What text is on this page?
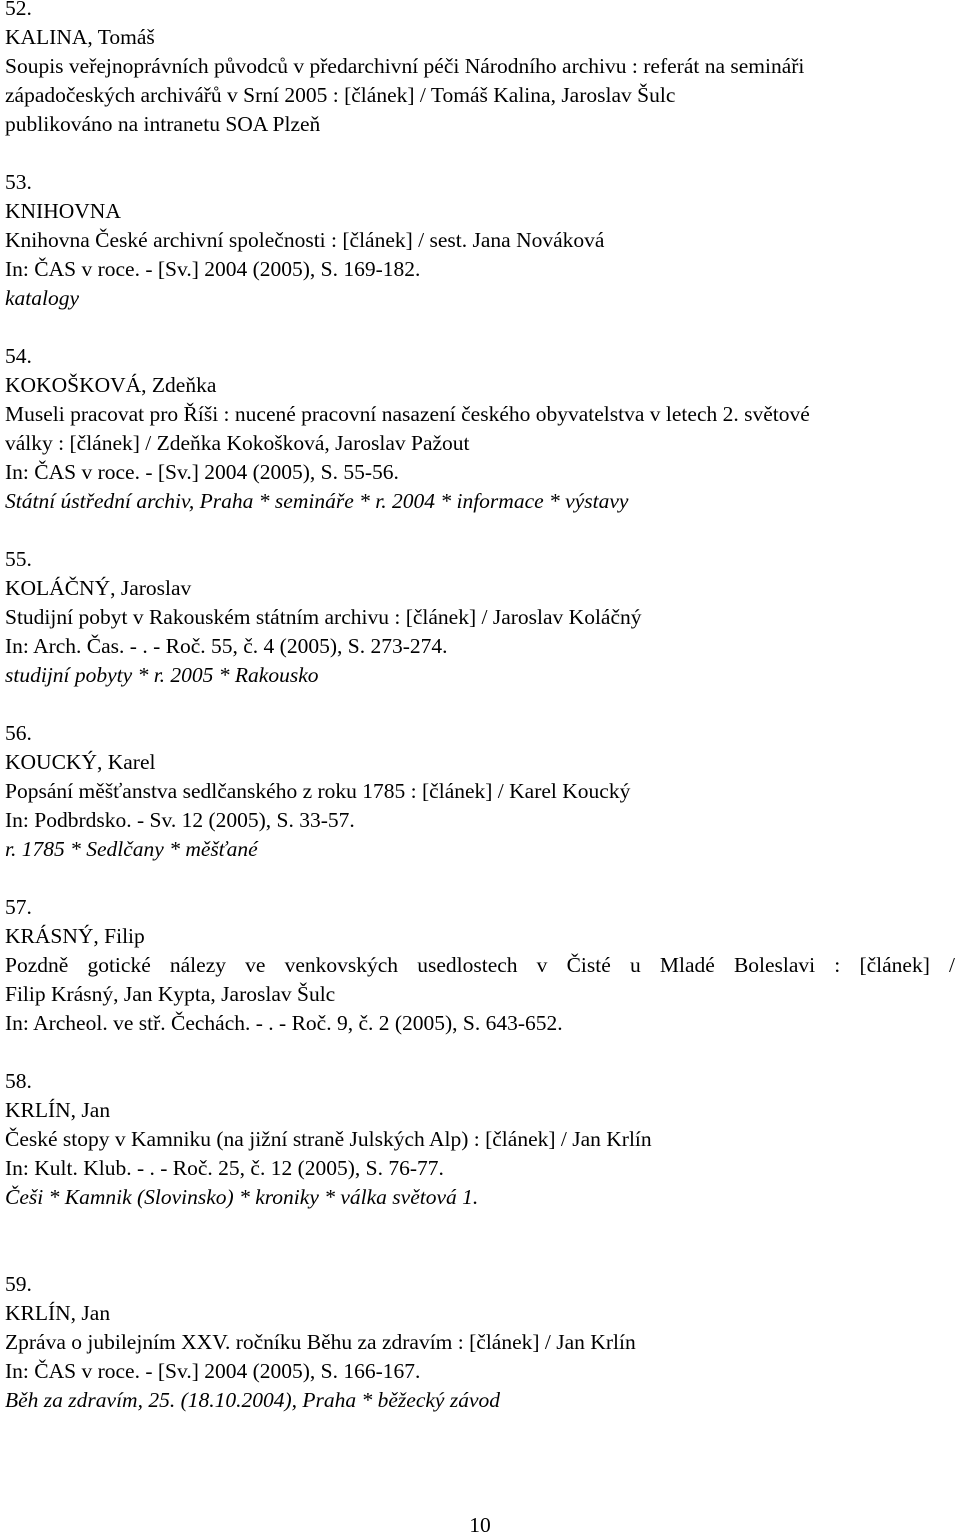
52.
KALINA, Tomáš
Soupis veřejnoprávních původců v předarchivní péči Národního archivu : referát na semináři
západočeských archivářů v Srní 2005 : [článek] / Tomáš Kalina, Jaroslav Šulc
publikováno na intranetu SOA Plzeň
53.
KNIHOVNA
Knihovna České archivní společnosti : [článek] / sest. Jana Nováková
In: ČAS v roce. - [Sv.] 2004 (2005), S. 169-182.
katalogy
54.
KOKOŠKOVÁ, Zdeňka
Museli pracovat pro Říši : nucené pracovní nasazení českého obyvatelstva v letech 2. světové
války : [článek] / Zdeňka Kokošková, Jaroslav Pažout
In: ČAS v roce. - [Sv.] 2004 (2005), S. 55-56.
Státní ústřední archiv, Praha * semináře * r. 2004 * informace * výstavy
55.
KOLÁČNÝ, Jaroslav
Studijní pobyt v Rakouském státním archivu : [článek] / Jaroslav Koláčný
In: Arch. Čas. - . - Roč. 55, č. 4 (2005), S. 273-274.
studijní pobyty * r. 2005 * Rakousko
56.
KOUCKÝ, Karel
Popsání měšťanstva sedlčanského z roku 1785 : [článek] / Karel Koucký
In: Podbrdsko. - Sv. 12 (2005), S. 33-57.
r. 1785 * Sedlčany * měšťané
57.
KRÁSNÝ, Filip
Pozdně gotické nálezy ve venkovských usedlostech v Čisté u Mladé Boleslavi : [článek] /
Filip Krásný, Jan Kypta, Jaroslav Šulc
In: Archeol. ve stř. Čechách. - . - Roč. 9, č. 2 (2005), S. 643-652.
58.
KRLÍN, Jan
České stopy v Kamniku (na jižní straně Julských Alp) : [článek] / Jan Krlín
In: Kult. Klub. - . - Roč. 25, č. 12 (2005), S. 76-77.
Češi * Kamnik (Slovinsko) * kroniky * válka světová 1.
59.
KRLÍN, Jan
Zpráva o jubilejním XXV. ročníku Běhu za zdravím : [článek] / Jan Krlín
In: ČAS v roce. - [Sv.] 2004 (2005), S. 166-167.
Běh za zdravím, 25. (18.10.2004), Praha * běžecký závod
10
